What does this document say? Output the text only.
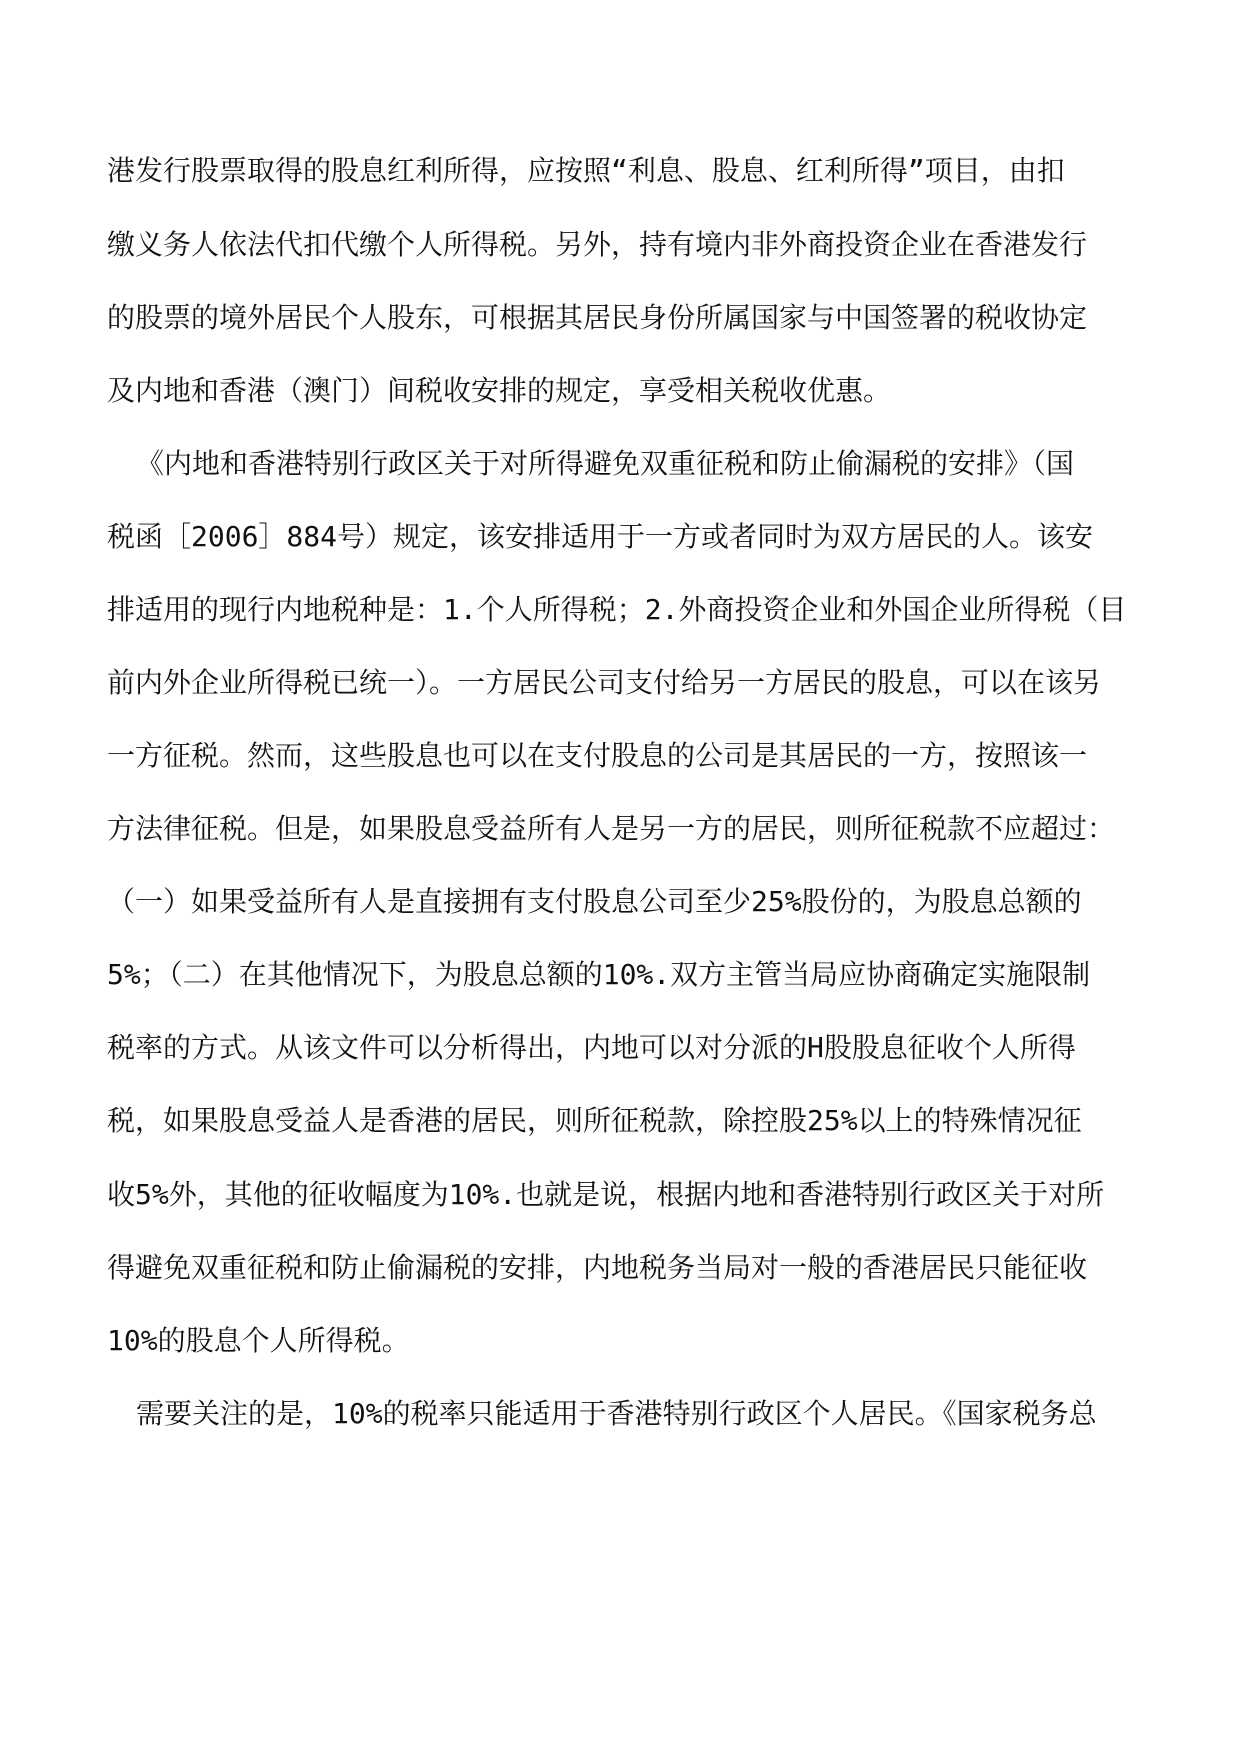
港发行股票取得的股息红利所得，应按照“利息、股息、红利所得”项目，由扣
缴义务人依法代扣代缴个人所得税。另外，持有境内非外商投资企业在香港发行
的股票的境外居民个人股东，可根据其居民身份所属国家与中国签署的税收协定
及内地和香港（澳门）间税收安排的规定，享受相关税收优惠。
《内地和香港特别行政区关于对所得避免双重征税和防止偷漏税的安排》（国
税函［2006］884号）规定，该安排适用于一方或者同时为双方居民的人。该安
排适用的现行内地税种是：1.个人所得税；2.外商投资企业和外国企业所得税（目
前内外企业所得税已统一）。一方居民公司支付给另一方居民的股息，可以在该另
一方征税。然而，这些股息也可以在支付股息的公司是其居民的一方，按照该一
方法律征税。但是，如果股息受益所有人是另一方的居民，则所征税款不应超过：
（一）如果受益所有人是直接拥有支付股息公司至少25%股份的，为股息总额的
5%；（二）在其他情况下，为股息总额的10%.双方主管当局应协商确定实施限制
税率的方式。从该文件可以分析得出，内地可以对分派的H股股息征收个人所得
税，如果股息受益人是香港的居民，则所征税款，除控股25%以上的特殊情况征
收5%外，其他的征收幅度为10%.也就是说，根据内地和香港特别行政区关于对所
得避免双重征税和防止偷漏税的安排，内地税务当局对一般的香港居民只能征收
10%的股息个人所得税。
需要关注的是，10%的税率只能适用于香港特别行政区个人居民。《国家税务总
